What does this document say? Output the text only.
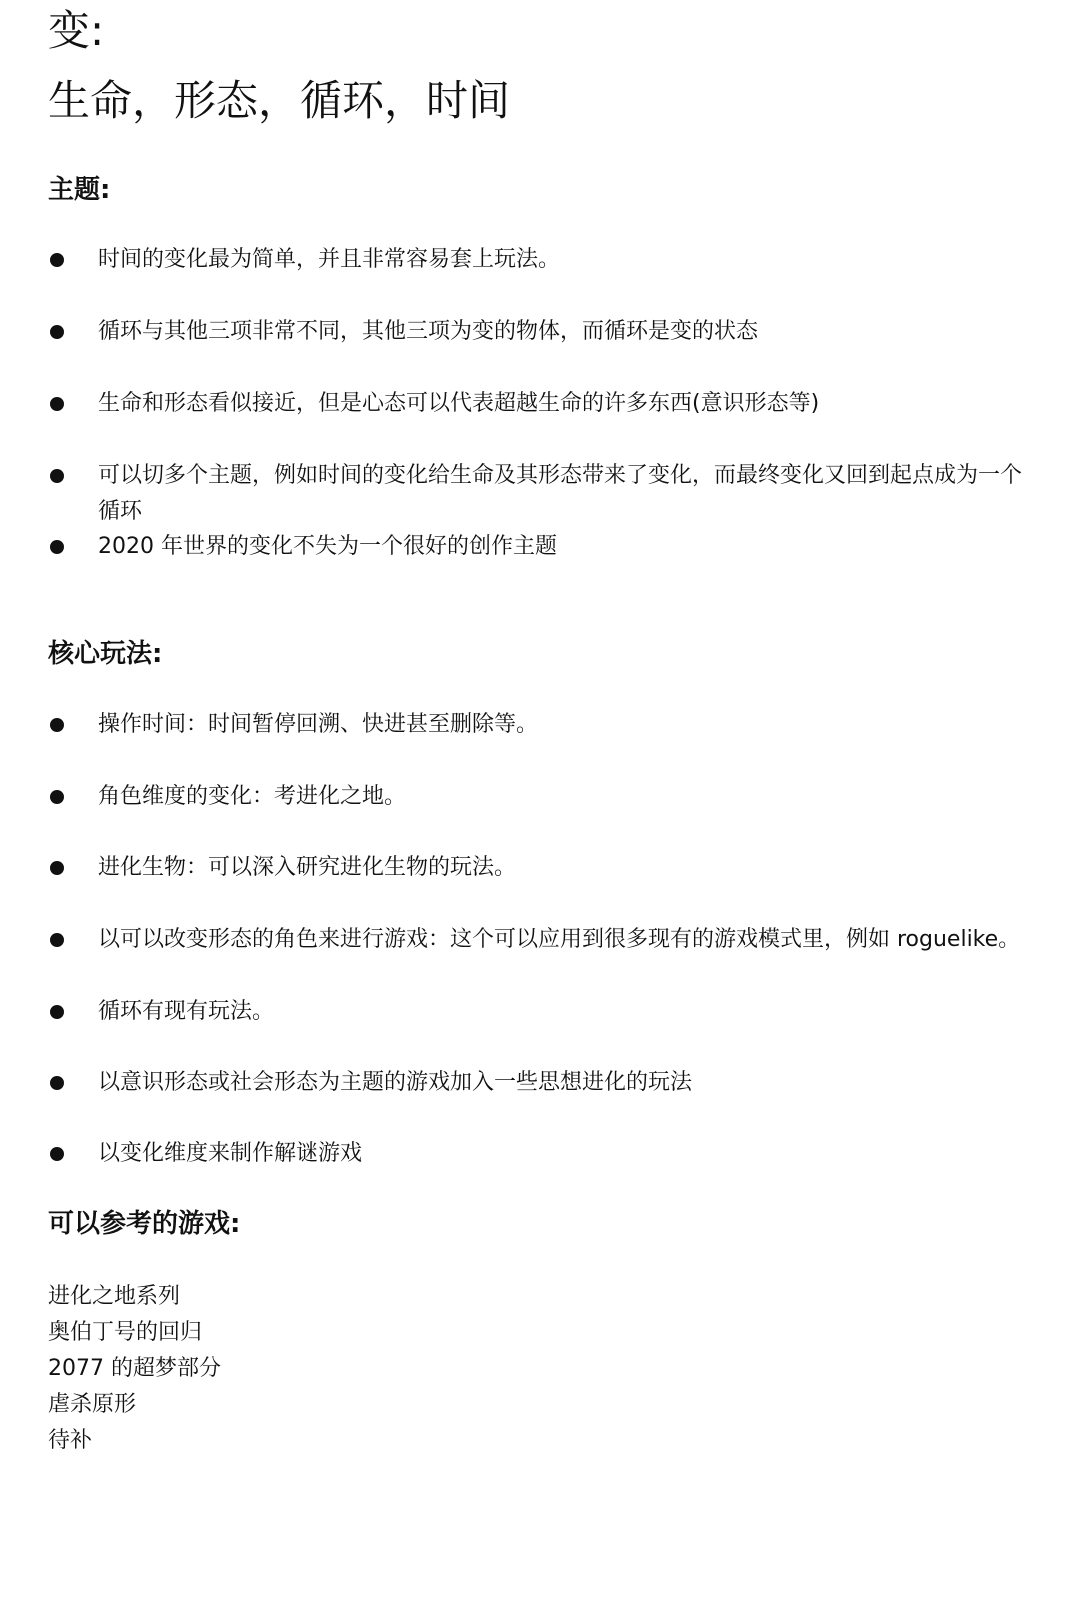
变:
生命，形态，循环，时间
主题:
时间的变化最为简单，并且非常容易套上玩法。
循环与其他三项非常不同，其他三项为变的物体，而循环是变的状态
生命和形态看似接近，但是心态可以代表超越生命的许多东西(意识形态等)
可以切多个主题，例如时间的变化给生命及其形态带来了变化，而最终变化又回到起点成为一个循环
2020 年世界的变化不失为一个很好的创作主题
核心玩法:
操作时间：时间暂停回溯、快进甚至删除等。
角色维度的变化：考进化之地。
进化生物：可以深入研究进化生物的玩法。
以可以改变形态的角色来进行游戏：这个可以应用到很多现有的游戏模式里，例如 roguelike。
循环有现有玩法。
以意识形态或社会形态为主题的游戏加入一些思想进化的玩法
以变化维度来制作解谜游戏
可以参考的游戏:
进化之地系列
奥伯丁号的回归
2077 的超梦部分
虐杀原形
待补
